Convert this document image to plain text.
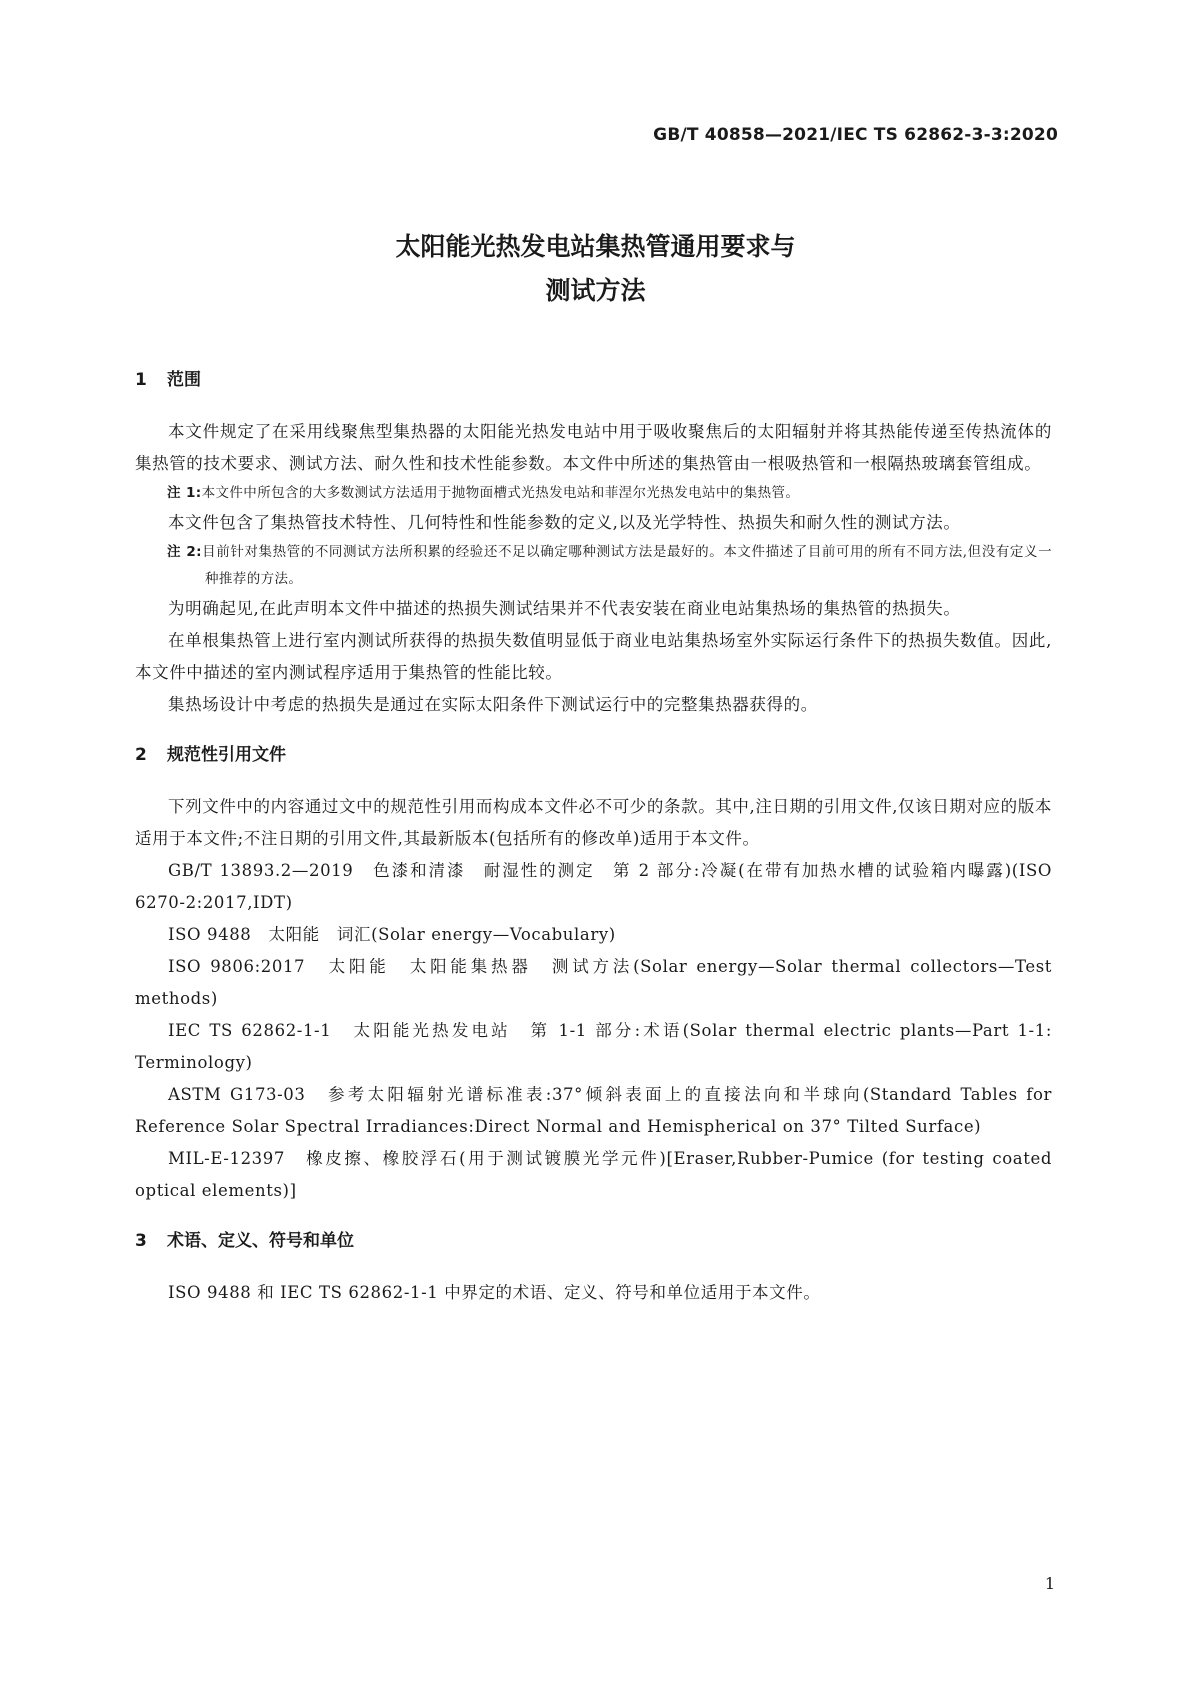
GB/T 40858—2021/IEC TS 62862-3-3:2020
太阳能光热发电站集热管通用要求与
测试方法
1 范围

本文件规定了在采用线聚焦型集热器的太阳能光热发电站中用于吸收聚焦后的太阳辐射并将其热能传递至传热流体的集热管的技术要求、测试方法、耐久性和技术性能参数。本文件中所述的集热管由一根吸热管和一根隔热玻璃套管组成。

注 1:本文件中所包含的大多数测试方法适用于抛物面槽式光热发电站和菲涅尔光热发电站中的集热管。

本文件包含了集热管技术特性、几何特性和性能参数的定义,以及光学特性、热损失和耐久性的测试方法。

注 2:目前针对集热管的不同测试方法所积累的经验还不足以确定哪种测试方法是最好的。本文件描述了目前可用的所有不同方法,但没有定义一种推荐的方法。

为明确起见,在此声明本文件中描述的热损失测试结果并不代表安装在商业电站集热场的集热管的热损失。

在单根集热管上进行室内测试所获得的热损失数值明显低于商业电站集热场室外实际运行条件下的热损失数值。因此,本文件中描述的室内测试程序适用于集热管的性能比较。

集热场设计中考虑的热损失是通过在实际太阳条件下测试运行中的完整集热器获得的。

2 规范性引用文件

下列文件中的内容通过文中的规范性引用而构成本文件必不可少的条款。其中,注日期的引用文件,仅该日期对应的版本适用于本文件;不注日期的引用文件,其最新版本(包括所有的修改单)适用于本文件。

GB/T 13893.2—2019　色漆和清漆　耐湿性的测定　第 2 部分:冷凝(在带有加热水槽的试验箱内曝露)(ISO 6270-2:2017,IDT)

ISO 9488　太阳能　词汇(Solar energy—Vocabulary)

ISO 9806:2017　太阳能　太阳能集热器　测试方法(Solar energy—Solar thermal collectors—Test methods)

IEC TS 62862-1-1　太阳能光热发电站　第 1-1 部分:术语(Solar thermal electric plants—Part 1-1: Terminology)

ASTM G173-03　参考太阳辐射光谱标准表:37°倾斜表面上的直接法向和半球向(Standard Tables for Reference Solar Spectral Irradiances:Direct Normal and Hemispherical on 37° Tilted Surface)

MIL-E-12397　橡皮擦、橡胶浮石(用于测试镀膜光学元件)[Eraser,Rubber-Pumice (for testing coated optical elements)]

3 术语、定义、符号和单位

ISO 9488 和 IEC TS 62862-1-1 中界定的术语、定义、符号和单位适用于本文件。

1
